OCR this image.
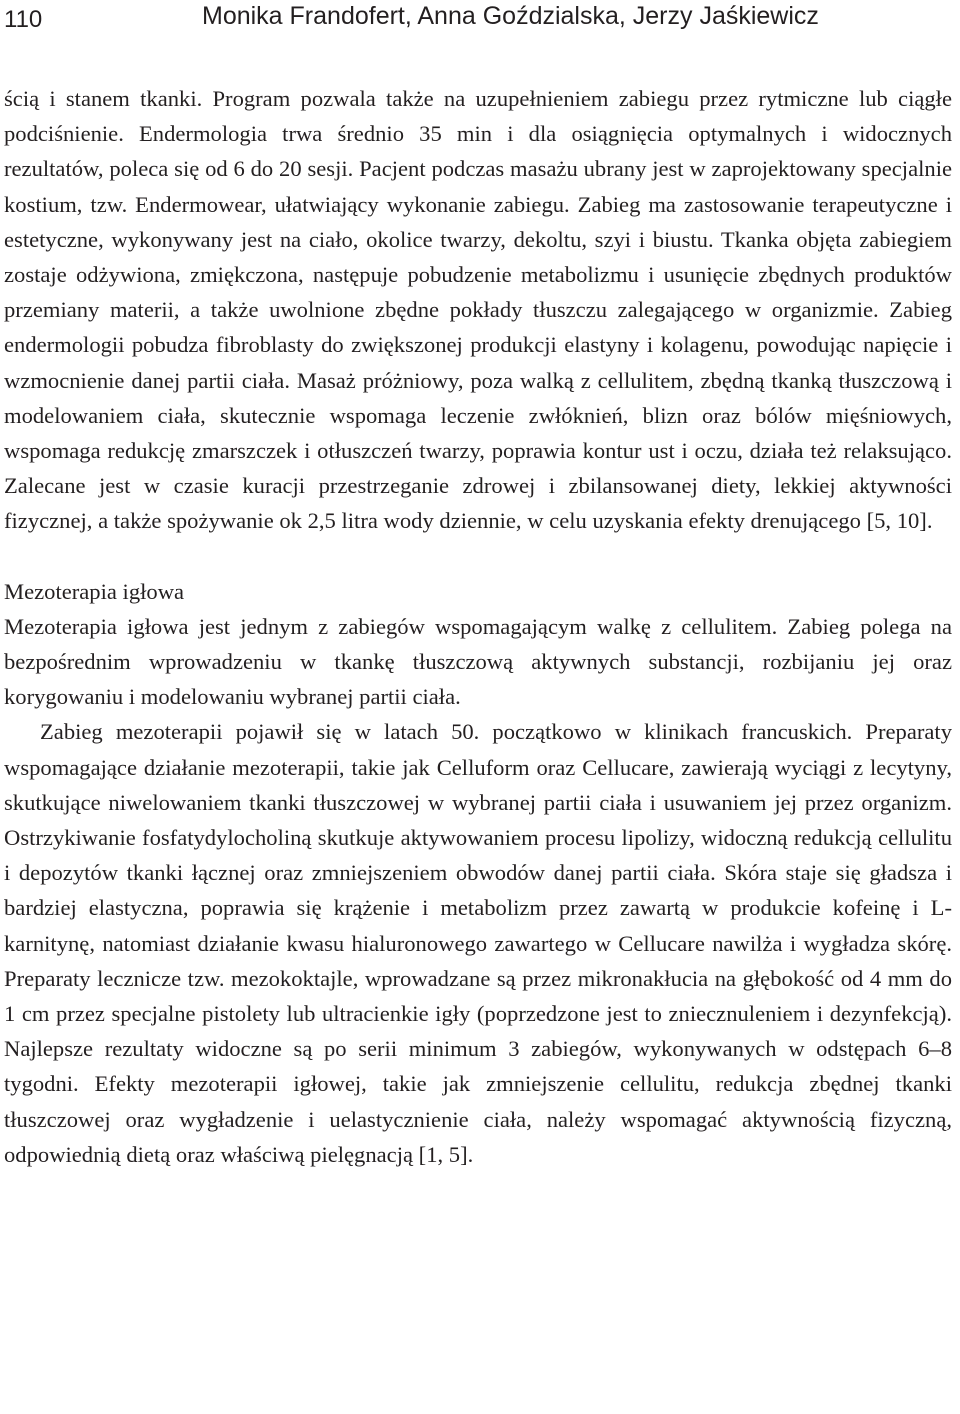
110	Monika Frandofert, Anna Goździalska, Jerzy Jaśkiewicz

ścią i stanem tkanki. Program pozwala także na uzupełnieniem zabiegu przez rytmiczne lub ciągłe podciśnienie. Endermologia trwa średnio 35 min i dla osiągnięcia optymalnych i widocznych rezultatów, poleca się od 6 do 20 sesji. Pacjent podczas masażu ubrany jest w zaprojektowany specjalnie kostium, tzw. Endermowear, ułatwiający wykonanie zabiegu. Zabieg ma zastosowanie terapeutyczne i estetyczne, wykonywany jest na ciało, okolice twarzy, dekoltu, szyi i biustu. Tkanka objęta zabiegiem zostaje odżywiona, zmiękczona, następuje pobudzenie metabolizmu i usunięcie zbędnych produktów przemiany materii, a także uwolnione zbędne pokłady tłuszczu zalegającego w organizmie. Zabieg endermologii pobudza fibroblasty do zwiększonej produkcji elastyny i kolagenu, powodując napięcie i wzmocnienie danej partii ciała. Masaż próżniowy, poza walką z cellulitem, zbędną tkanką tłuszczową i modelowaniem ciała, skutecznie wspomaga leczenie zwłóknień, blizn oraz bólów mięśniowych, wspomaga redukcję zmarszczek i otłuszczeń twarzy, poprawia kontur ust i oczu, działa też relaksująco. Zalecane jest w czasie kuracji przestrzeganie zdrowej i zbilansowanej diety, lekkiej aktywności fizycznej, a także spożywanie ok 2,5 litra wody dziennie, w celu uzyskania efekty drenującego [5, 10].

Mezoterapia igłowa

Mezoterapia igłowa jest jednym z zabiegów wspomagającym walkę z cellulitem. Zabieg polega na bezpośrednim wprowadzeniu w tkankę tłuszczową aktywnych substancji, rozbijaniu jej oraz korygowaniu i modelowaniu wybranej partii ciała.

Zabieg mezoterapii pojawił się w latach 50. początkowo w klinikach francuskich. Preparaty wspomagające działanie mezoterapii, takie jak Celluform oraz Cellucare, zawierają wyciągi z lecytyny, skutkujące niwelowaniem tkanki tłuszczowej w wybranej partii ciała i usuwaniem jej przez organizm. Ostrzykiwanie fosfatydylocholiną skutkuje aktywowaniem procesu lipolizy, widoczną redukcją cellulitu i depozytów tkanki łącznej oraz zmniejszeniem obwodów danej partii ciała. Skóra staje się gładsza i bardziej elastyczna, poprawia się krążenie i metabolizm przez zawartą w produkcie kofeinę i L-karnitynę, natomiast działanie kwasu hialuronowego zawartego w Cellucare nawilża i wygładza skórę. Preparaty lecznicze tzw. mezokoktajle, wprowadzane są przez mikronakłucia na głębokość od 4 mm do 1 cm przez specjalne pistolety lub ultracienkie igły (poprzedzone jest to zniecznuleniem i dezynfekcją). Najlepsze rezultaty widoczne są po serii minimum 3 zabiegów, wykonywanych w odstępach 6–8 tygodni. Efekty mezoterapii igłowej, takie jak zmniejszenie cellulitu, redukcja zbędnej tkanki tłuszczowej oraz wygładzenie i uelastycznienie ciała, należy wspomagać aktywnością fizyczną, odpowiednią dietą oraz właściwą pielęgnacją [1, 5].
